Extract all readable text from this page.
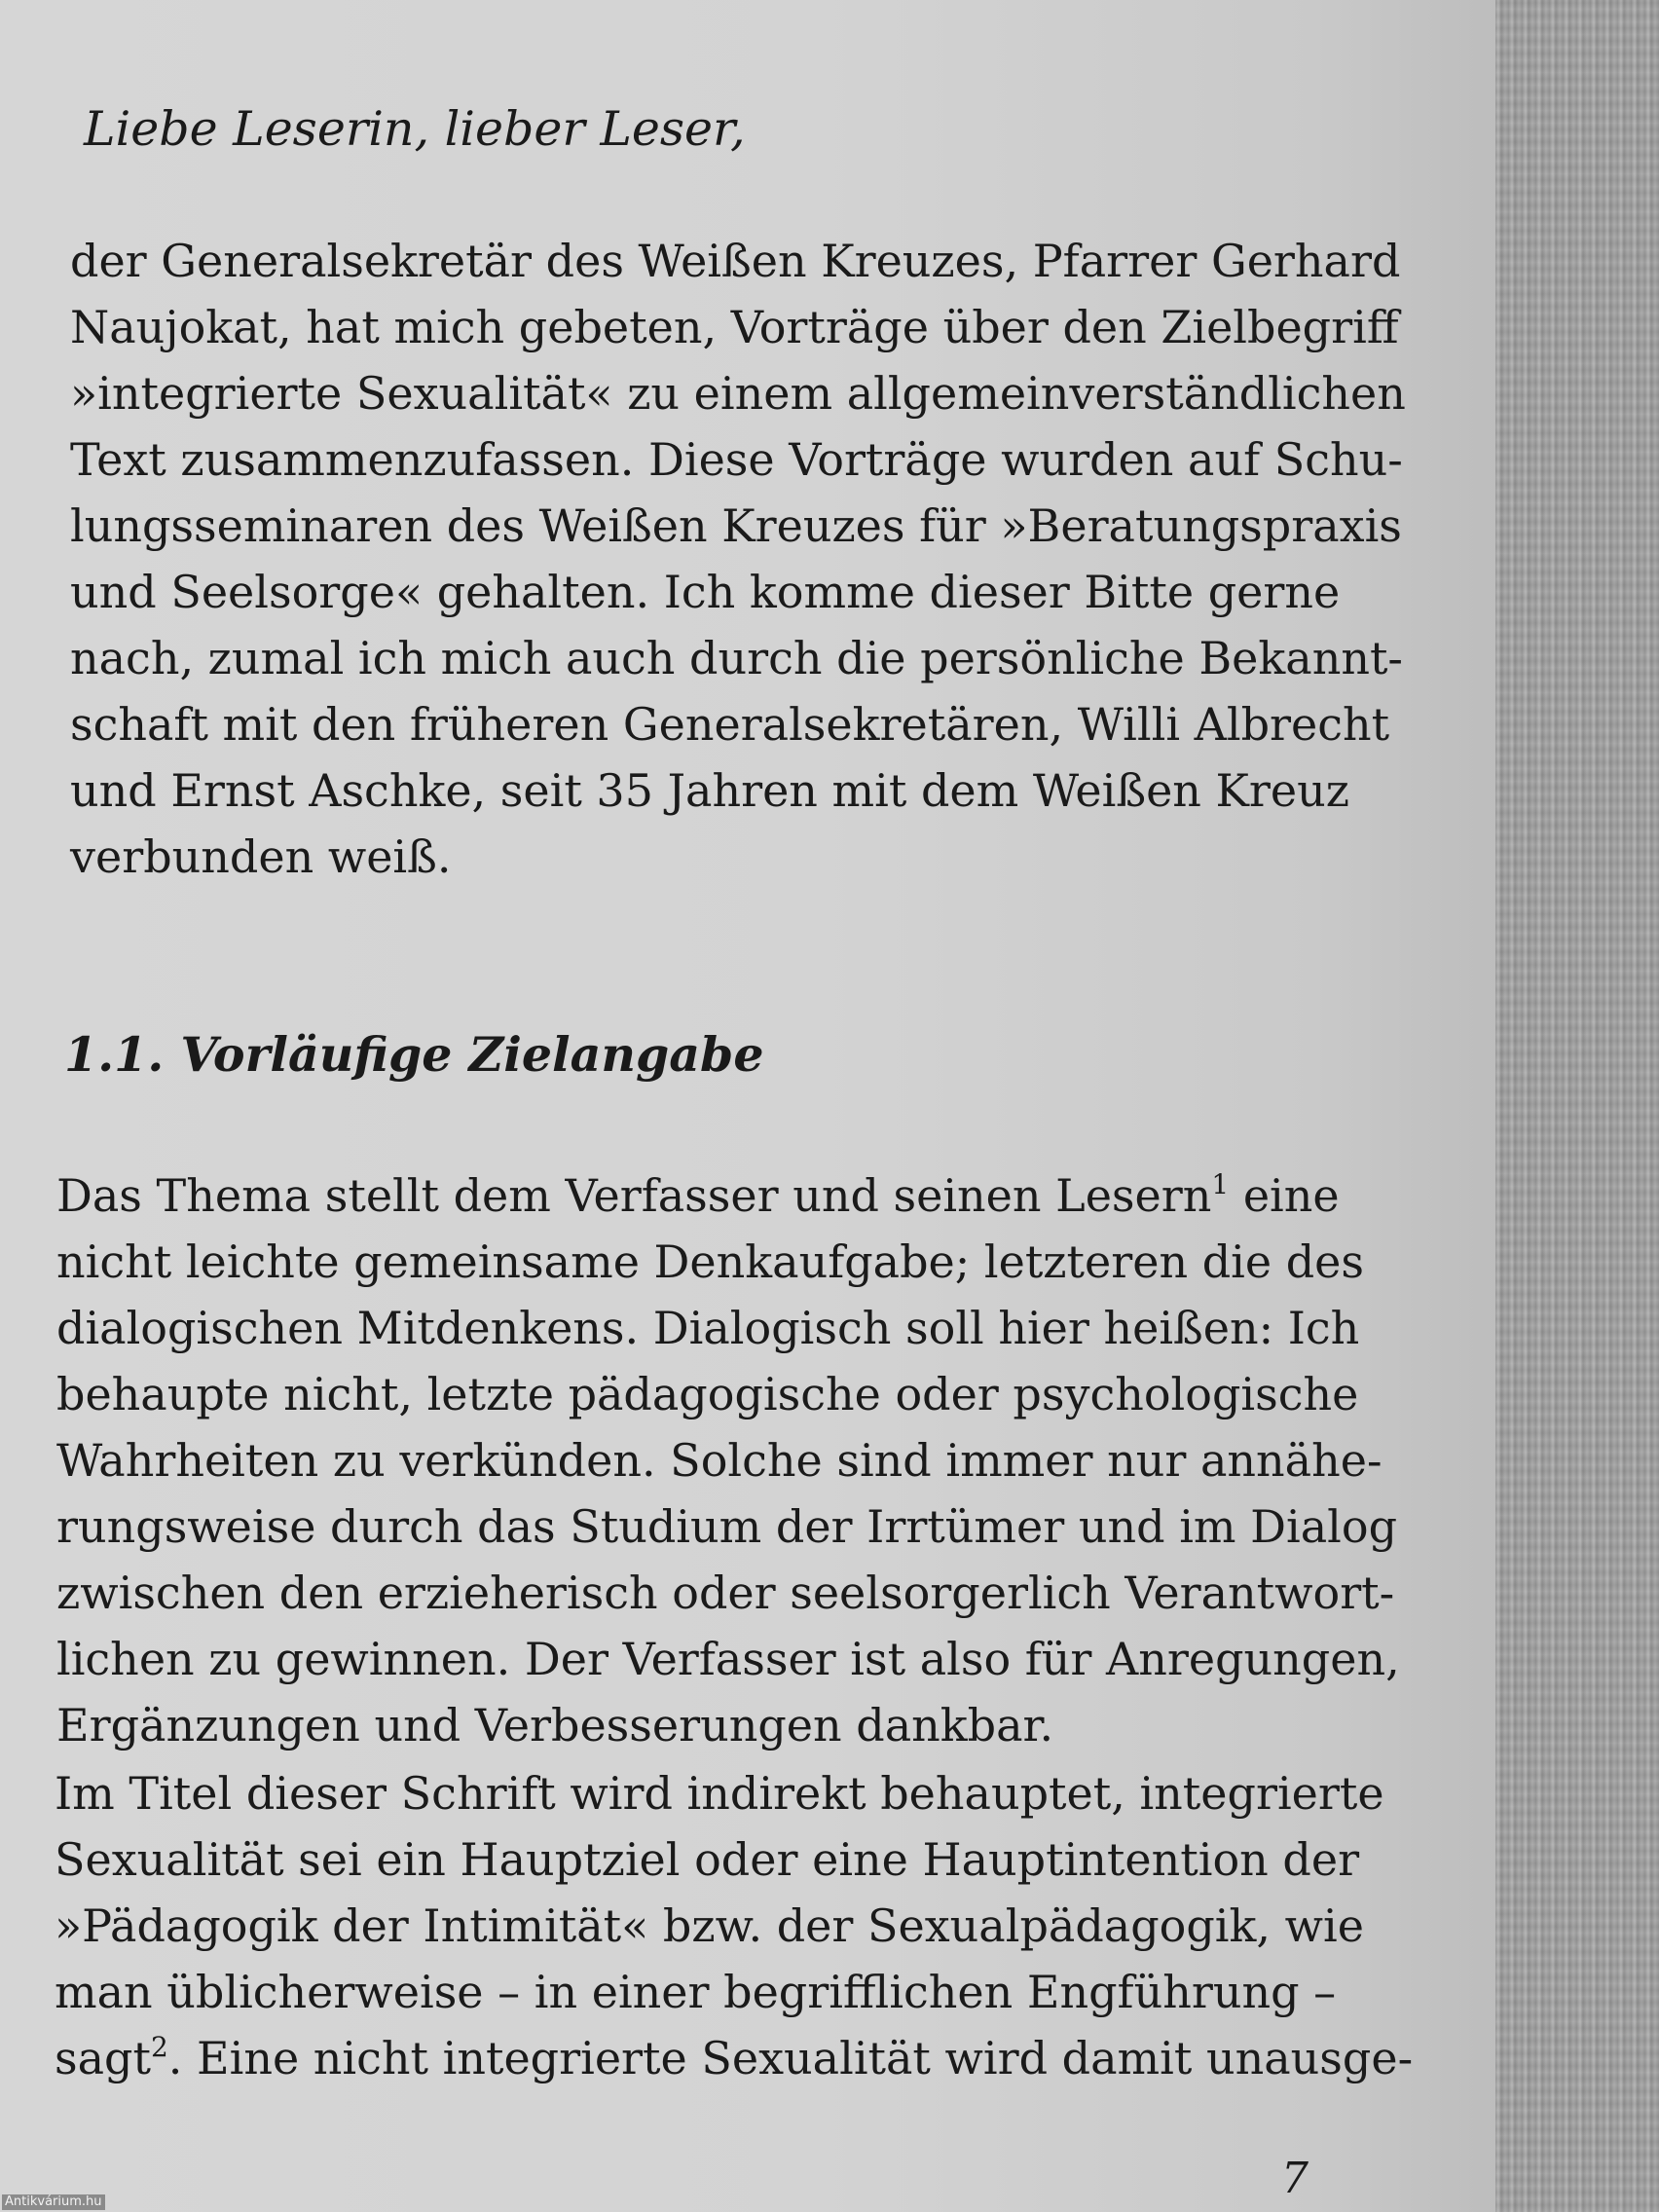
Liebe Leserin, lieber Leser,

der Generalsekretär des Weißen Kreuzes, Pfarrer Gerhard
Naujokat, hat mich gebeten, Vorträge über den Zielbegriff
»integrierte Sexualität« zu einem allgemeinverständlichen
Text zusammenzufassen. Diese Vorträge wurden auf Schu-
lungsseminaren des Weißen Kreuzes für »Beratungspraxis
und Seelsorge« gehalten. Ich komme dieser Bitte gerne
nach, zumal ich mich auch durch die persönliche Bekannt-
schaft mit den früheren Generalsekretären, Willi Albrecht
und Ernst Aschke, seit 35 Jahren mit dem Weißen Kreuz
verbunden weiß.
1.1. Vorläufige Zielangabe
Das Thema stellt dem Verfasser und seinen Lesern$^1$ eine
nicht leichte gemeinsame Denkaufgabe; letzteren die des
dialogischen Mitdenkens. Dialogisch soll hier heißen: Ich
behaupte nicht, letzte pädagogische oder psychologische
Wahrheiten zu verkünden. Solche sind immer nur annähe-
rungsweise durch das Studium der Irrtümer und im Dialog
zwischen den erzieherisch oder seelsorgerlich Verantwort-
lichen zu gewinnen. Der Verfasser ist also für Anregungen,
Ergänzungen und Verbesserungen dankbar.
Im Titel dieser Schrift wird indirekt behauptet, integrierte
Sexualität sei ein Hauptziel oder eine Hauptintention der
»Pädagogik der Intimität« bzw. der Sexualpädagogik, wie
man üblicherweise – in einer begrifflichen Engführung –
sagt$^2$. Eine nicht integrierte Sexualität wird damit unausge-
7
Antikvárium.hu
